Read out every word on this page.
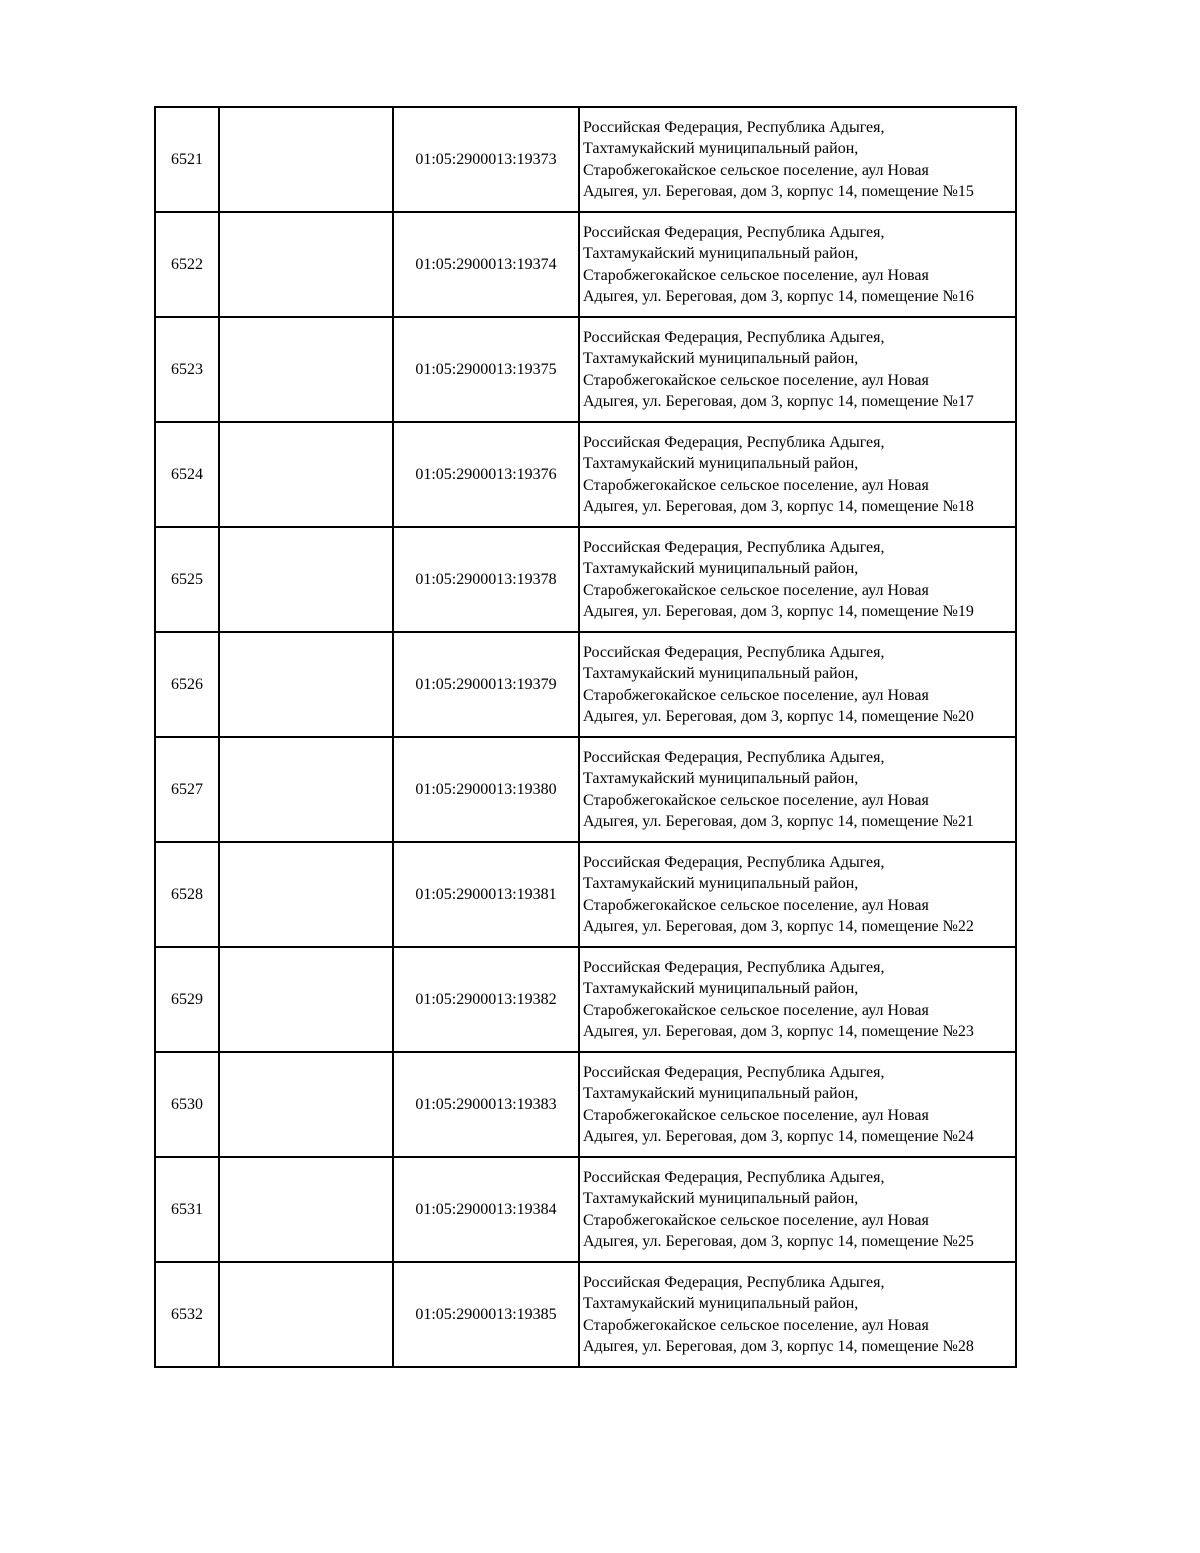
6521		01:05:2900013:19373	Российская Федерация, Республика Адыгея,
Тахтамукайский муниципальный район,
Старобжегокайское сельское поселение, аул Новая
Адыгея, ул. Береговая, дом 3, корпус 14, помещение №15

6522		01:05:2900013:19374	Российская Федерация, Республика Адыгея,
Тахтамукайский муниципальный район,
Старобжегокайское сельское поселение, аул Новая
Адыгея, ул. Береговая, дом 3, корпус 14, помещение №16

6523		01:05:2900013:19375	Российская Федерация, Республика Адыгея,
Тахтамукайский муниципальный район,
Старобжегокайское сельское поселение, аул Новая
Адыгея, ул. Береговая, дом 3, корпус 14, помещение №17

6524		01:05:2900013:19376	Российская Федерация, Республика Адыгея,
Тахтамукайский муниципальный район,
Старобжегокайское сельское поселение, аул Новая
Адыгея, ул. Береговая, дом 3, корпус 14, помещение №18

6525		01:05:2900013:19378	Российская Федерация, Республика Адыгея,
Тахтамукайский муниципальный район,
Старобжегокайское сельское поселение, аул Новая
Адыгея, ул. Береговая, дом 3, корпус 14, помещение №19

6526		01:05:2900013:19379	Российская Федерация, Республика Адыгея,
Тахтамукайский муниципальный район,
Старобжегокайское сельское поселение, аул Новая
Адыгея, ул. Береговая, дом 3, корпус 14, помещение №20

6527		01:05:2900013:19380	Российская Федерация, Республика Адыгея,
Тахтамукайский муниципальный район,
Старобжегокайское сельское поселение, аул Новая
Адыгея, ул. Береговая, дом 3, корпус 14, помещение №21

6528		01:05:2900013:19381	Российская Федерация, Республика Адыгея,
Тахтамукайский муниципальный район,
Старобжегокайское сельское поселение, аул Новая
Адыгея, ул. Береговая, дом 3, корпус 14, помещение №22

6529		01:05:2900013:19382	Российская Федерация, Республика Адыгея,
Тахтамукайский муниципальный район,
Старобжегокайское сельское поселение, аул Новая
Адыгея, ул. Береговая, дом 3, корпус 14, помещение №23

6530		01:05:2900013:19383	Российская Федерация, Республика Адыгея,
Тахтамукайский муниципальный район,
Старобжегокайское сельское поселение, аул Новая
Адыгея, ул. Береговая, дом 3, корпус 14, помещение №24

6531		01:05:2900013:19384	Российская Федерация, Республика Адыгея,
Тахтамукайский муниципальный район,
Старобжегокайское сельское поселение, аул Новая
Адыгея, ул. Береговая, дом 3, корпус 14, помещение №25

6532		01:05:2900013:19385	Российская Федерация, Республика Адыгея,
Тахтамукайский муниципальный район,
Старобжегокайское сельское поселение, аул Новая
Адыгея, ул. Береговая, дом 3, корпус 14, помещение №28
